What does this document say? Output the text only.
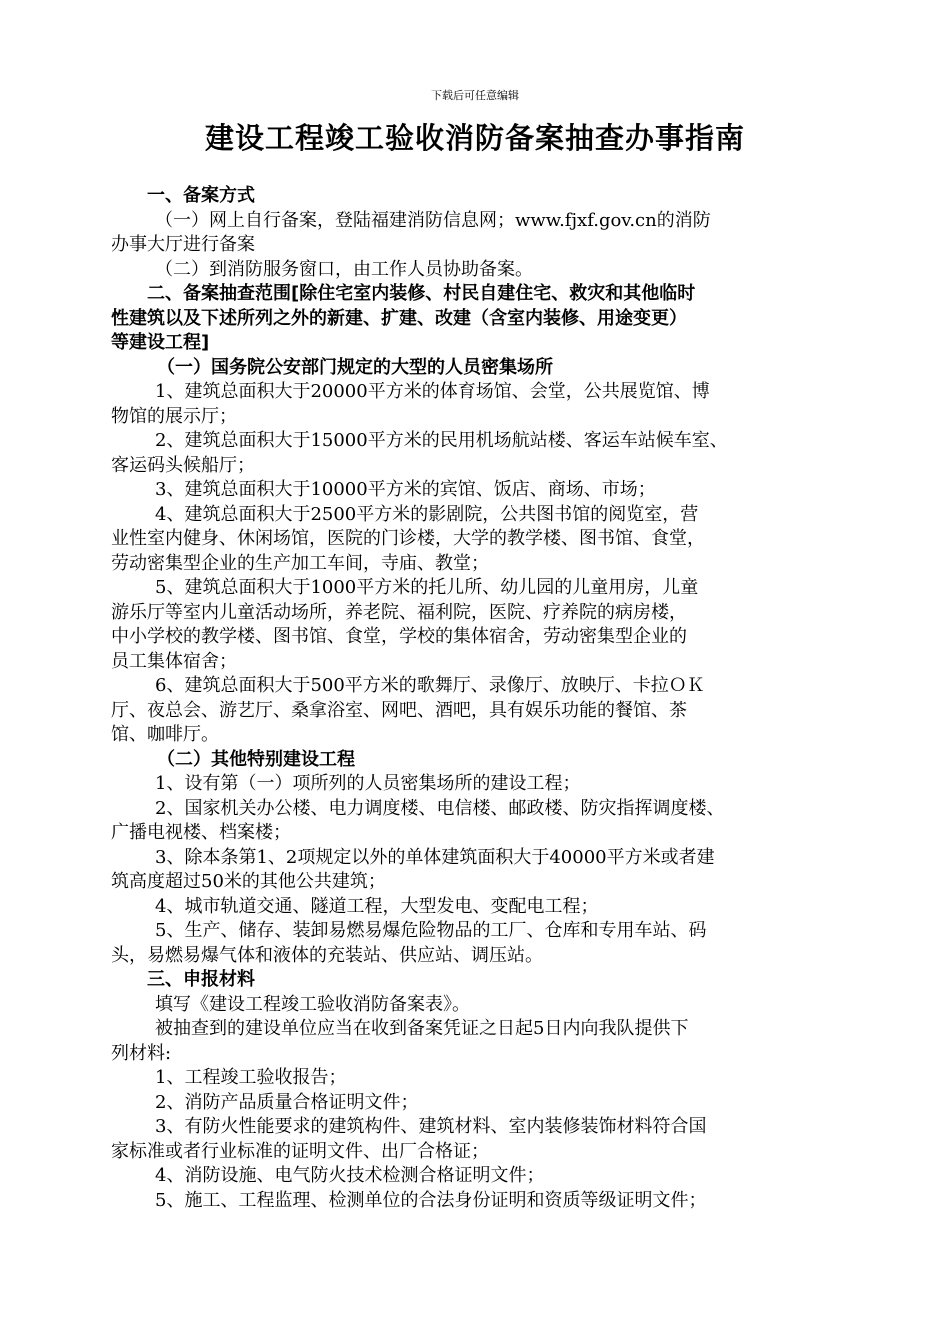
下载后可任意编辑
建设工程竣工验收消防备案抽查办事指南

一、备案方式

（一）网上自行备案，登陆福建消防信息网；www.fjxf.gov.cn的消防

办事大厅进行备案

（二）到消防服务窗口，由工作人员协助备案。

二、备案抽查范围[除住宅室内装修、村民自建住宅、救灾和其他临时

性建筑以及下述所列之外的新建、扩建、改建（含室内装修、用途变更）

等建设工程]

（一）国务院公安部门规定的大型的人员密集场所

1、建筑总面积大于20000平方米的体育场馆、会堂，公共展览馆、博

物馆的展示厅；

2、建筑总面积大于15000平方米的民用机场航站楼、客运车站候车室、

客运码头候船厅；

3、建筑总面积大于10000平方米的宾馆、饭店、商场、市场；

4、建筑总面积大于2500平方米的影剧院，公共图书馆的阅览室，营

业性室内健身、休闲场馆，医院的门诊楼，大学的教学楼、图书馆、食堂，

劳动密集型企业的生产加工车间，寺庙、教堂；

5、建筑总面积大于1000平方米的托儿所、幼儿园的儿童用房，儿童

游乐厅等室内儿童活动场所，养老院、福利院，医院、疗养院的病房楼，

中小学校的教学楼、图书馆、食堂，学校的集体宿舍，劳动密集型企业的

员工集体宿舍；

6、建筑总面积大于500平方米的歌舞厅、录像厅、放映厅、卡拉ＯＫ

厅、夜总会、游艺厅、桑拿浴室、网吧、酒吧，具有娱乐功能的餐馆、茶

馆、咖啡厅。

（二）其他特别建设工程

1、设有第（一）项所列的人员密集场所的建设工程；

2、国家机关办公楼、电力调度楼、电信楼、邮政楼、防灾指挥调度楼、

广播电视楼、档案楼；

3、除本条第1、2项规定以外的单体建筑面积大于40000平方米或者建

筑高度超过50米的其他公共建筑；

4、城市轨道交通、隧道工程，大型发电、变配电工程；

5、生产、储存、装卸易燃易爆危险物品的工厂、仓库和专用车站、码

头，易燃易爆气体和液体的充装站、供应站、调压站。

三、申报材料

填写《建设工程竣工验收消防备案表》。

被抽查到的建设单位应当在收到备案凭证之日起5日内向我队提供下

列材料:

1、工程竣工验收报告；

2、消防产品质量合格证明文件；

3、有防火性能要求的建筑构件、建筑材料、室内装修装饰材料符合国

家标准或者行业标准的证明文件、出厂合格证；

4、消防设施、电气防火技术检测合格证明文件；

5、施工、工程监理、检测单位的合法身份证明和资质等级证明文件；
